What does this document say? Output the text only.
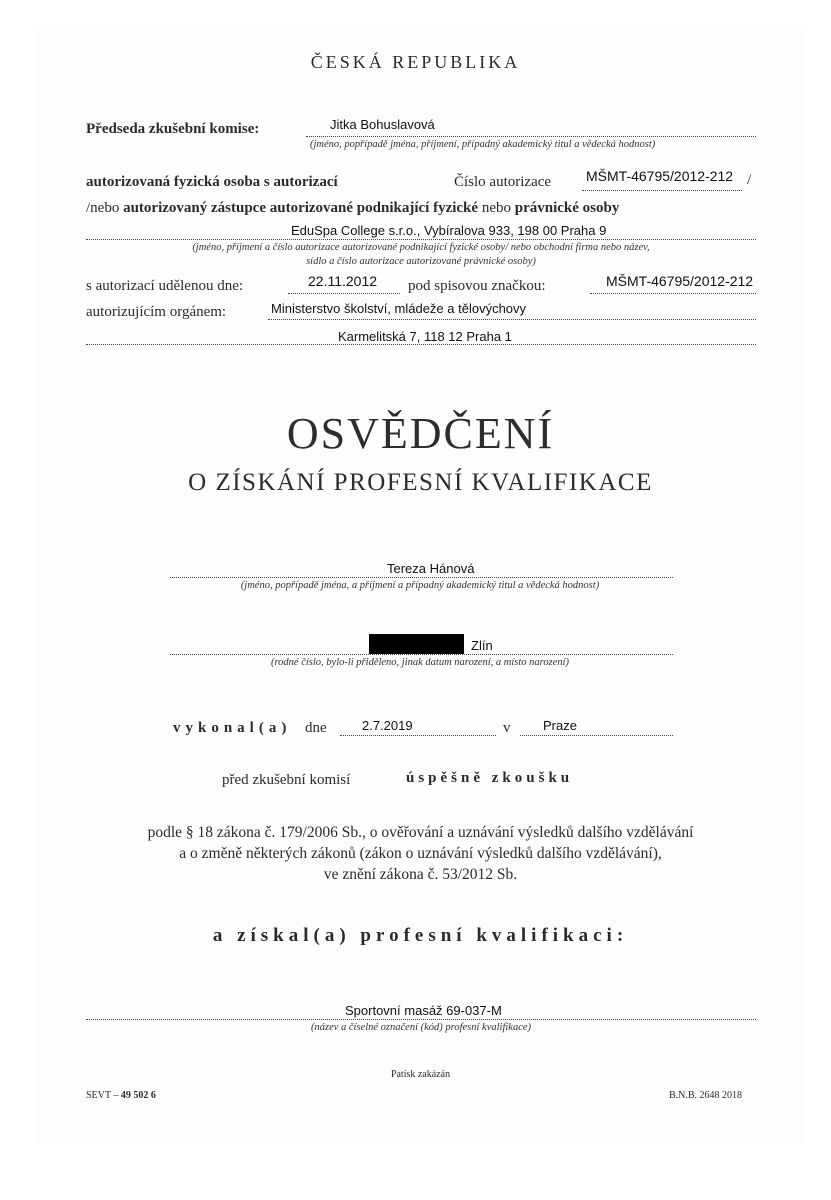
ČESKÁ REPUBLIKA
Předseda zkušební komise:	Jitka Bohuslavová
(jméno, popřípadě jména, příjmení, případný akademický titul a vědecká hodnost)
autorizovaná fyzická osoba s autorizací	Číslo autorizace MŠMT-46795/2012-212 /
/nebo autorizovaný zástupce autorizované podnikající fyzické nebo právnické osoby
EduSpa College s.r.o., Vybíralova 933, 198 00 Praha 9
(jméno, příjmení a číslo autorizace autorizované podnikající fyzické osoby/ nebo obchodní firma nebo název,
sídlo a číslo autorizace autorizované právnické osoby)
s autorizací udělenou dne:	22.11.2012 pod spisovou značkou:	MŠMT-46795/2012-212
autorizujícím orgánem:	Ministerstvo školství, mládeže a tělovýchovy
Karmelitská 7, 118 12 Praha 1
OSVĚDČENÍ
O ZÍSKÁNÍ PROFESNÍ KVALIFIKACE
Tereza Hánová
(jméno, popřípadě jména, a příjmení a případný akademický titul a vědecká hodnost)
Zlín
(rodné číslo, bylo-li přiděleno, jinak datum narození, a místo narození)
vykonal(a) dne	2.7.2019	v	Praze
před zkušební komisí	úspěšně zkoušku
podle § 18 zákona č. 179/2006 Sb., o ověřování a uznávání výsledků dalšího vzdělávání
a o změně některých zákonů (zákon o uznávání výsledků dalšího vzdělávání),
ve znění zákona č. 53/2012 Sb.
a získal(a) profesní kvalifikaci:
Sportovní masáž 69-037-M
(název a číselné označení (kód) profesní kvalifikace)
Patisk zakázán
SEVT – 49 502 6	B.N.B. 2648 2018
